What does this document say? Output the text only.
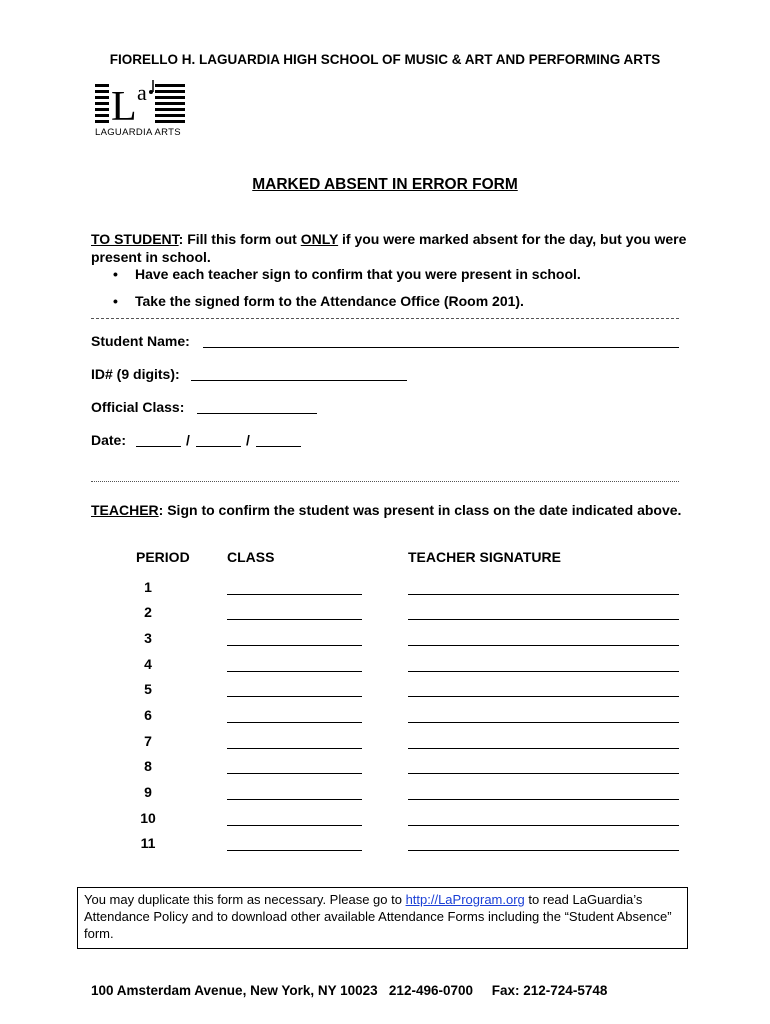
FIORELLO H. LAGUARDIA HIGH SCHOOL OF MUSIC & ART AND PERFORMING ARTS
L a
LAGUARDIA ARTS
MARKED ABSENT IN ERROR FORM
TO STUDENT: Fill this form out ONLY if you were marked absent for the day, but you were present in school.
• Have each teacher sign to confirm that you were present in school.
• Take the signed form to the Attendance Office (Room 201).
Student Name:
ID# (9 digits):
Official Class:
Date:	/	/
TEACHER: Sign to confirm the student was present in class on the date indicated above.
PERIOD	CLASS	TEACHER SIGNATURE
1
2
3
4
5
6
7
8
9
10
11
You may duplicate this form as necessary. Please go to http://LaProgram.org to read LaGuardia’s Attendance Policy and to download other available Attendance Forms including the “Student Absence” form.
100 Amsterdam Avenue, New York, NY 10023 212-496-0700 Fax: 212-724-5748
